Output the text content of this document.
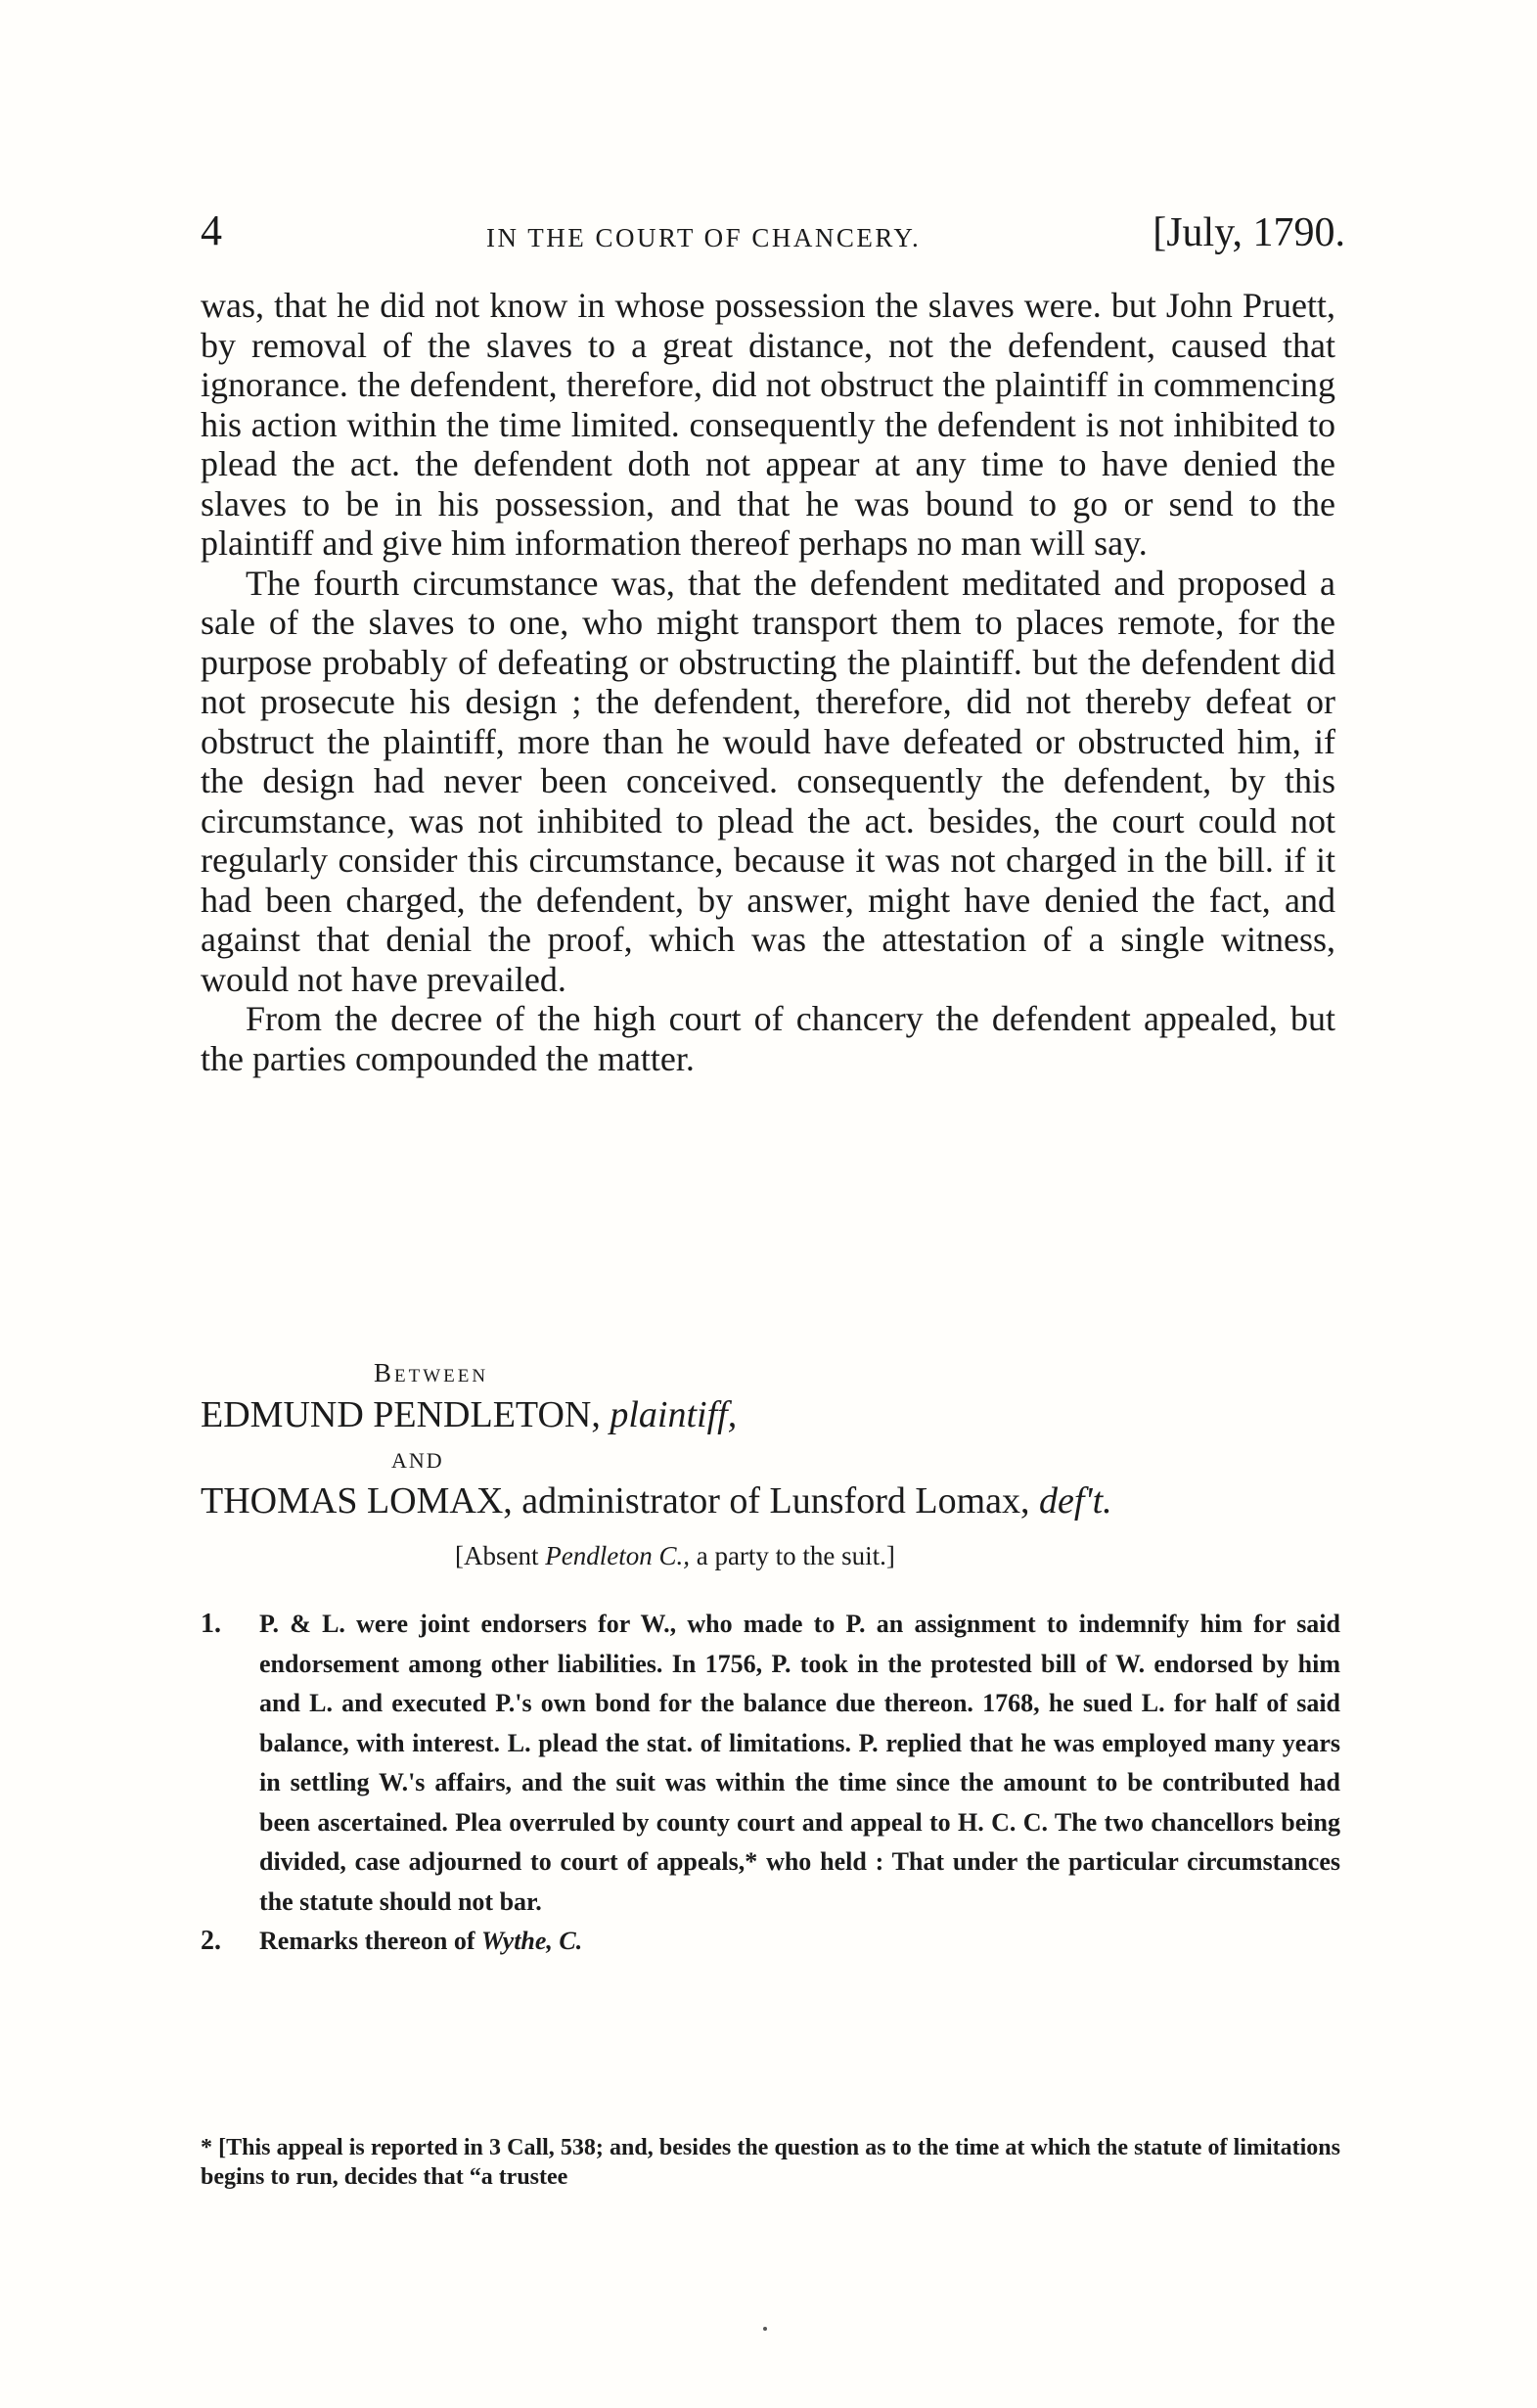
4	IN THE COURT OF CHANCERY.	[July, 1790.

was, that he did not know in whose possession the slaves were. but John Pruett, by removal of the slaves to a great distance, not the defendent, caused that ignorance. the defendent, therefore, did not obstruct the plaintiff in commencing his action within the time limited. consequently the defendent is not inhibited to plead the act. the defendent doth not appear at any time to have denied the slaves to be in his possession, and that he was bound to go or send to the plaintiff and give him information thereof perhaps no man will say.

The fourth circumstance was, that the defendent meditated and proposed a sale of the slaves to one, who might transport them to places remote, for the purpose probably of defeating or obstructing the plaintiff. but the defendent did not prosecute his design ; the defendent, therefore, did not thereby defeat or obstruct the plaintiff, more than he would have defeated or obstructed him, if the design had never been conceived. consequently the defendent, by this circumstance, was not inhibited to plead the act. besides, the court could not regularly consider this circumstance, because it was not charged in the bill. if it had been charged, the defendent, by answer, might have denied the fact, and against that denial the proof, which was the attestation of a single witness, would not have prevailed.

From the decree of the high court of chancery the defendent appealed, but the parties compounded the matter.

Between
EDMUND PENDLETON, plaintiff,
AND
THOMAS LOMAX, administrator of Lunsford Lomax, def't.
[Absent Pendleton C., a party to the suit.]
1.	P. & L. were joint endorsers for W., who made to P. an assignment to indemnify him for said endorsement among other liabilities. In 1756, P. took in the protested bill of W. endorsed by him and L. and executed P.'s own bond for the balance due thereon. 1768, he sued L. for half of said balance, with interest. L. plead the stat. of limitations. P. replied that he was employed many years in settling W.'s affairs, and the suit was within the time since the amount to be contributed had been ascertained. Plea overruled by county court and appeal to H. C. C. The two chancellors being divided, case adjourned to court of appeals,* who held : That under the particular circumstances the statute should not bar.
2.	Remarks thereon of Wythe, C.
* [This appeal is reported in 3 Call, 538; and, besides the question as to the time at which the statute of limitations begins to run, decides that “a trustee
